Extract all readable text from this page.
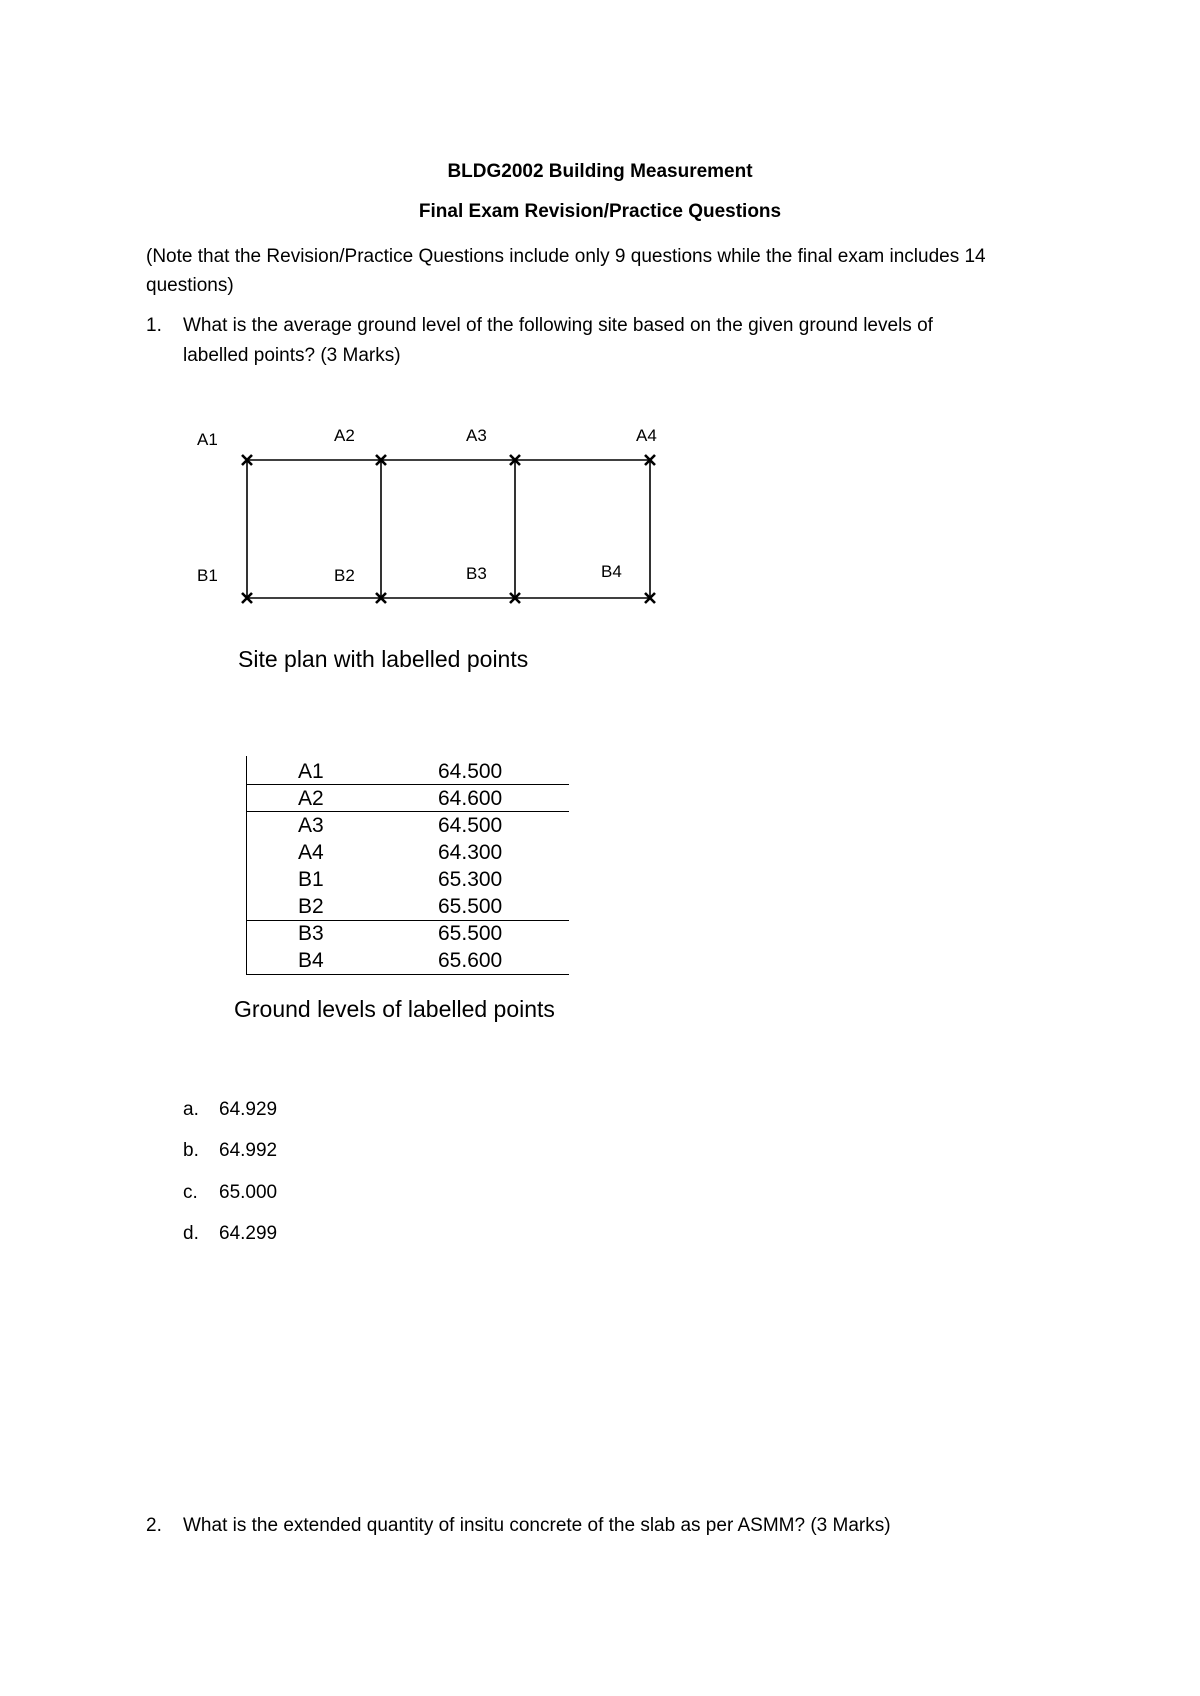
BLDG2002 Building Measurement
Final Exam Revision/Practice Questions
(Note that the Revision/Practice Questions include only 9 questions while the final exam includes 14
questions)
1. What is the average ground level of the following site based on the given ground levels of
labelled points? (3 Marks)
A1	A2	A3	A4
B1	B2	B3	B4
Site plan with labelled points
A1	64.500
A2	64.600
A3	64.500
A4	64.300
B1	65.300
B2	65.500
B3	65.500
B4	65.600
Ground levels of labelled points
a. 64.929
b. 64.992
c. 65.000
d. 64.299
2. What is the extended quantity of insitu concrete of the slab as per ASMM? (3 Marks)
